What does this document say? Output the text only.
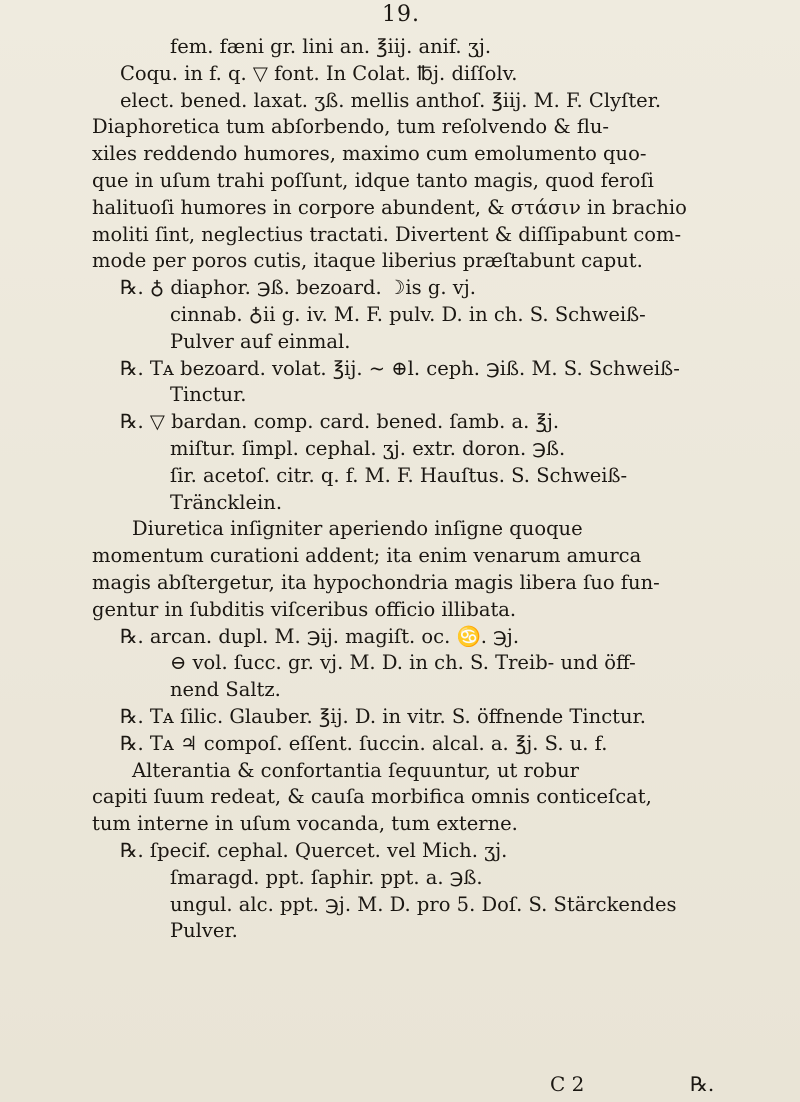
19.
fem. fæni gr. lini an. ℥iij. anif. ʒj.
Coqu. in f. q. ▽ font. In Colat. ℔j. diſſolv.
elect. bened. laxat. ʒß. mellis anthoſ. ℥iij. M. F. Clyſter.
Diaphoretica tum abſorbendo, tum reſolvendo & flu-
xiles reddendo humores, maximo cum emolumento quo-
que in uſum trahi poſſunt, idque tanto magis, quod feroſi
halituoſi humores in corpore abundent, & στάσιν in brachio
moliti ſint, neglectius tractati. Divertent & diſſipabunt com-
mode per poros cutis, itaque liberius præſtabunt caput.
℞. ♁ diaphor. ℈ß. bezoard. ☽is g. vj.
cinnab. ♁ii g. iv. M. F. pulv. D. in ch. S. Schweiß-
Pulver auf einmal.
℞. Tᴀ bezoard. volat. ℥ij. ~ ⊕l. ceph. ℈iß. M. S. Schweiß-
Tinctur.
℞. ▽ bardan. comp. card. bened. ſamb. a. ℥j.
miſtur. ſimpl. cephal. ʒj. extr. doron. ℈ß.
ſir. acetoſ. citr. q. f. M. F. Hauſtus. S. Schweiß-
Träncklein.
Diuretica inſigniter aperiendo inſigne quoque
momentum curationi addent; ita enim venarum amurca
magis abſtergetur, ita hypochondria magis libera ſuo fun-
gentur in ſubditis viſceribus officio illibata.
℞. arcan. dupl. M. ℈ij. magiſt. oc. ♋. ℈j.
⊖ vol. ſucc. gr. vj. M. D. in ch. S. Treib- und öff-
nend Saltz.
℞. Tᴀ ſilic. Glauber. ℥ij. D. in vitr. S. öffnende Tinctur.
℞. Tᴀ ♃ compoſ. eſſent. ſuccin. alcal. a. ℥j. S. u. f.
Alterantia & confortantia ſequuntur, ut robur
capiti ſuum redeat, & cauſa morbifica omnis conticeſcat,
tum interne in uſum vocanda, tum externe.
℞. ſpecif. cephal. Quercet. vel Mich. ʒj.
ſmaragd. ppt. ſaphir. ppt. a. ℈ß.
ungul. alc. ppt. ℈j. M. D. pro 5. Doſ. S. Stärckendes
Pulver.
C 2	℞.
